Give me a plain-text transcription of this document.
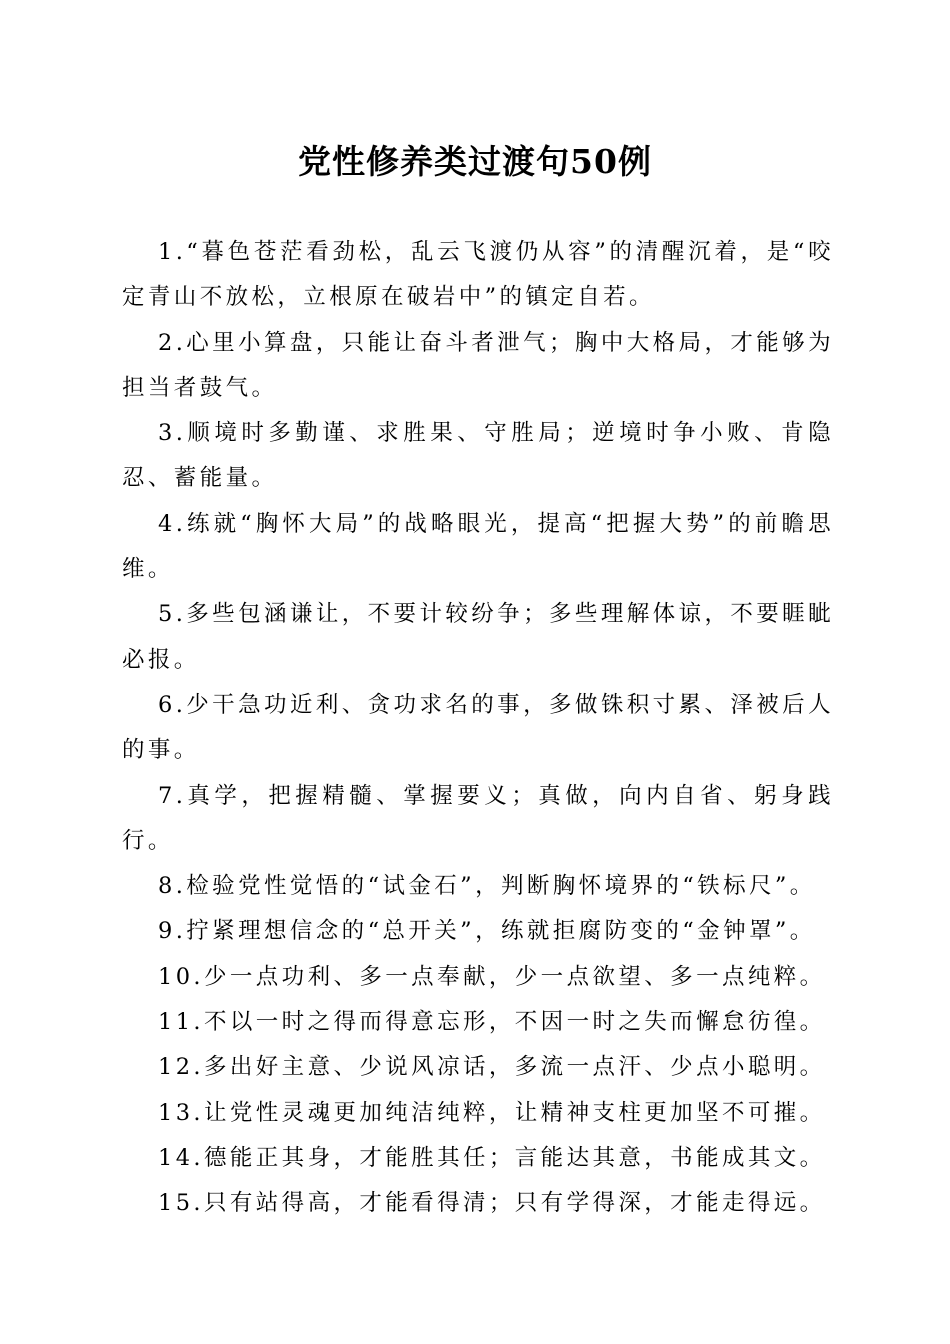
党性修养类过渡句50例

1.“暮色苍茫看劲松，乱云飞渡仍从容”的清醒沉着，是“咬定青山不放松，立根原在破岩中”的镇定自若。

2.心里小算盘，只能让奋斗者泄气；胸中大格局，才能够为担当者鼓气。

3.顺境时多勤谨、求胜果、守胜局；逆境时争小败、肯隐忍、蓄能量。

4.练就“胸怀大局”的战略眼光，提高“把握大势”的前瞻思维。

5.多些包涵谦让，不要计较纷争；多些理解体谅，不要睚眦必报。

6.少干急功近利、贪功求名的事，多做铢积寸累、泽被后人的事。

7.真学，把握精髓、掌握要义；真做，向内自省、躬身践行。

8.检验党性觉悟的“试金石”，判断胸怀境界的“铁标尺”。

9.拧紧理想信念的“总开关”，练就拒腐防变的“金钟罩”。

10.少一点功利、多一点奉献，少一点欲望、多一点纯粹。

11.不以一时之得而得意忘形，不因一时之失而懈怠彷徨。

12.多出好主意、少说风凉话，多流一点汗、少点小聪明。

13.让党性灵魂更加纯洁纯粹，让精神支柱更加坚不可摧。

14.德能正其身，才能胜其任；言能达其意，书能成其文。

15.只有站得高，才能看得清；只有学得深，才能走得远。
